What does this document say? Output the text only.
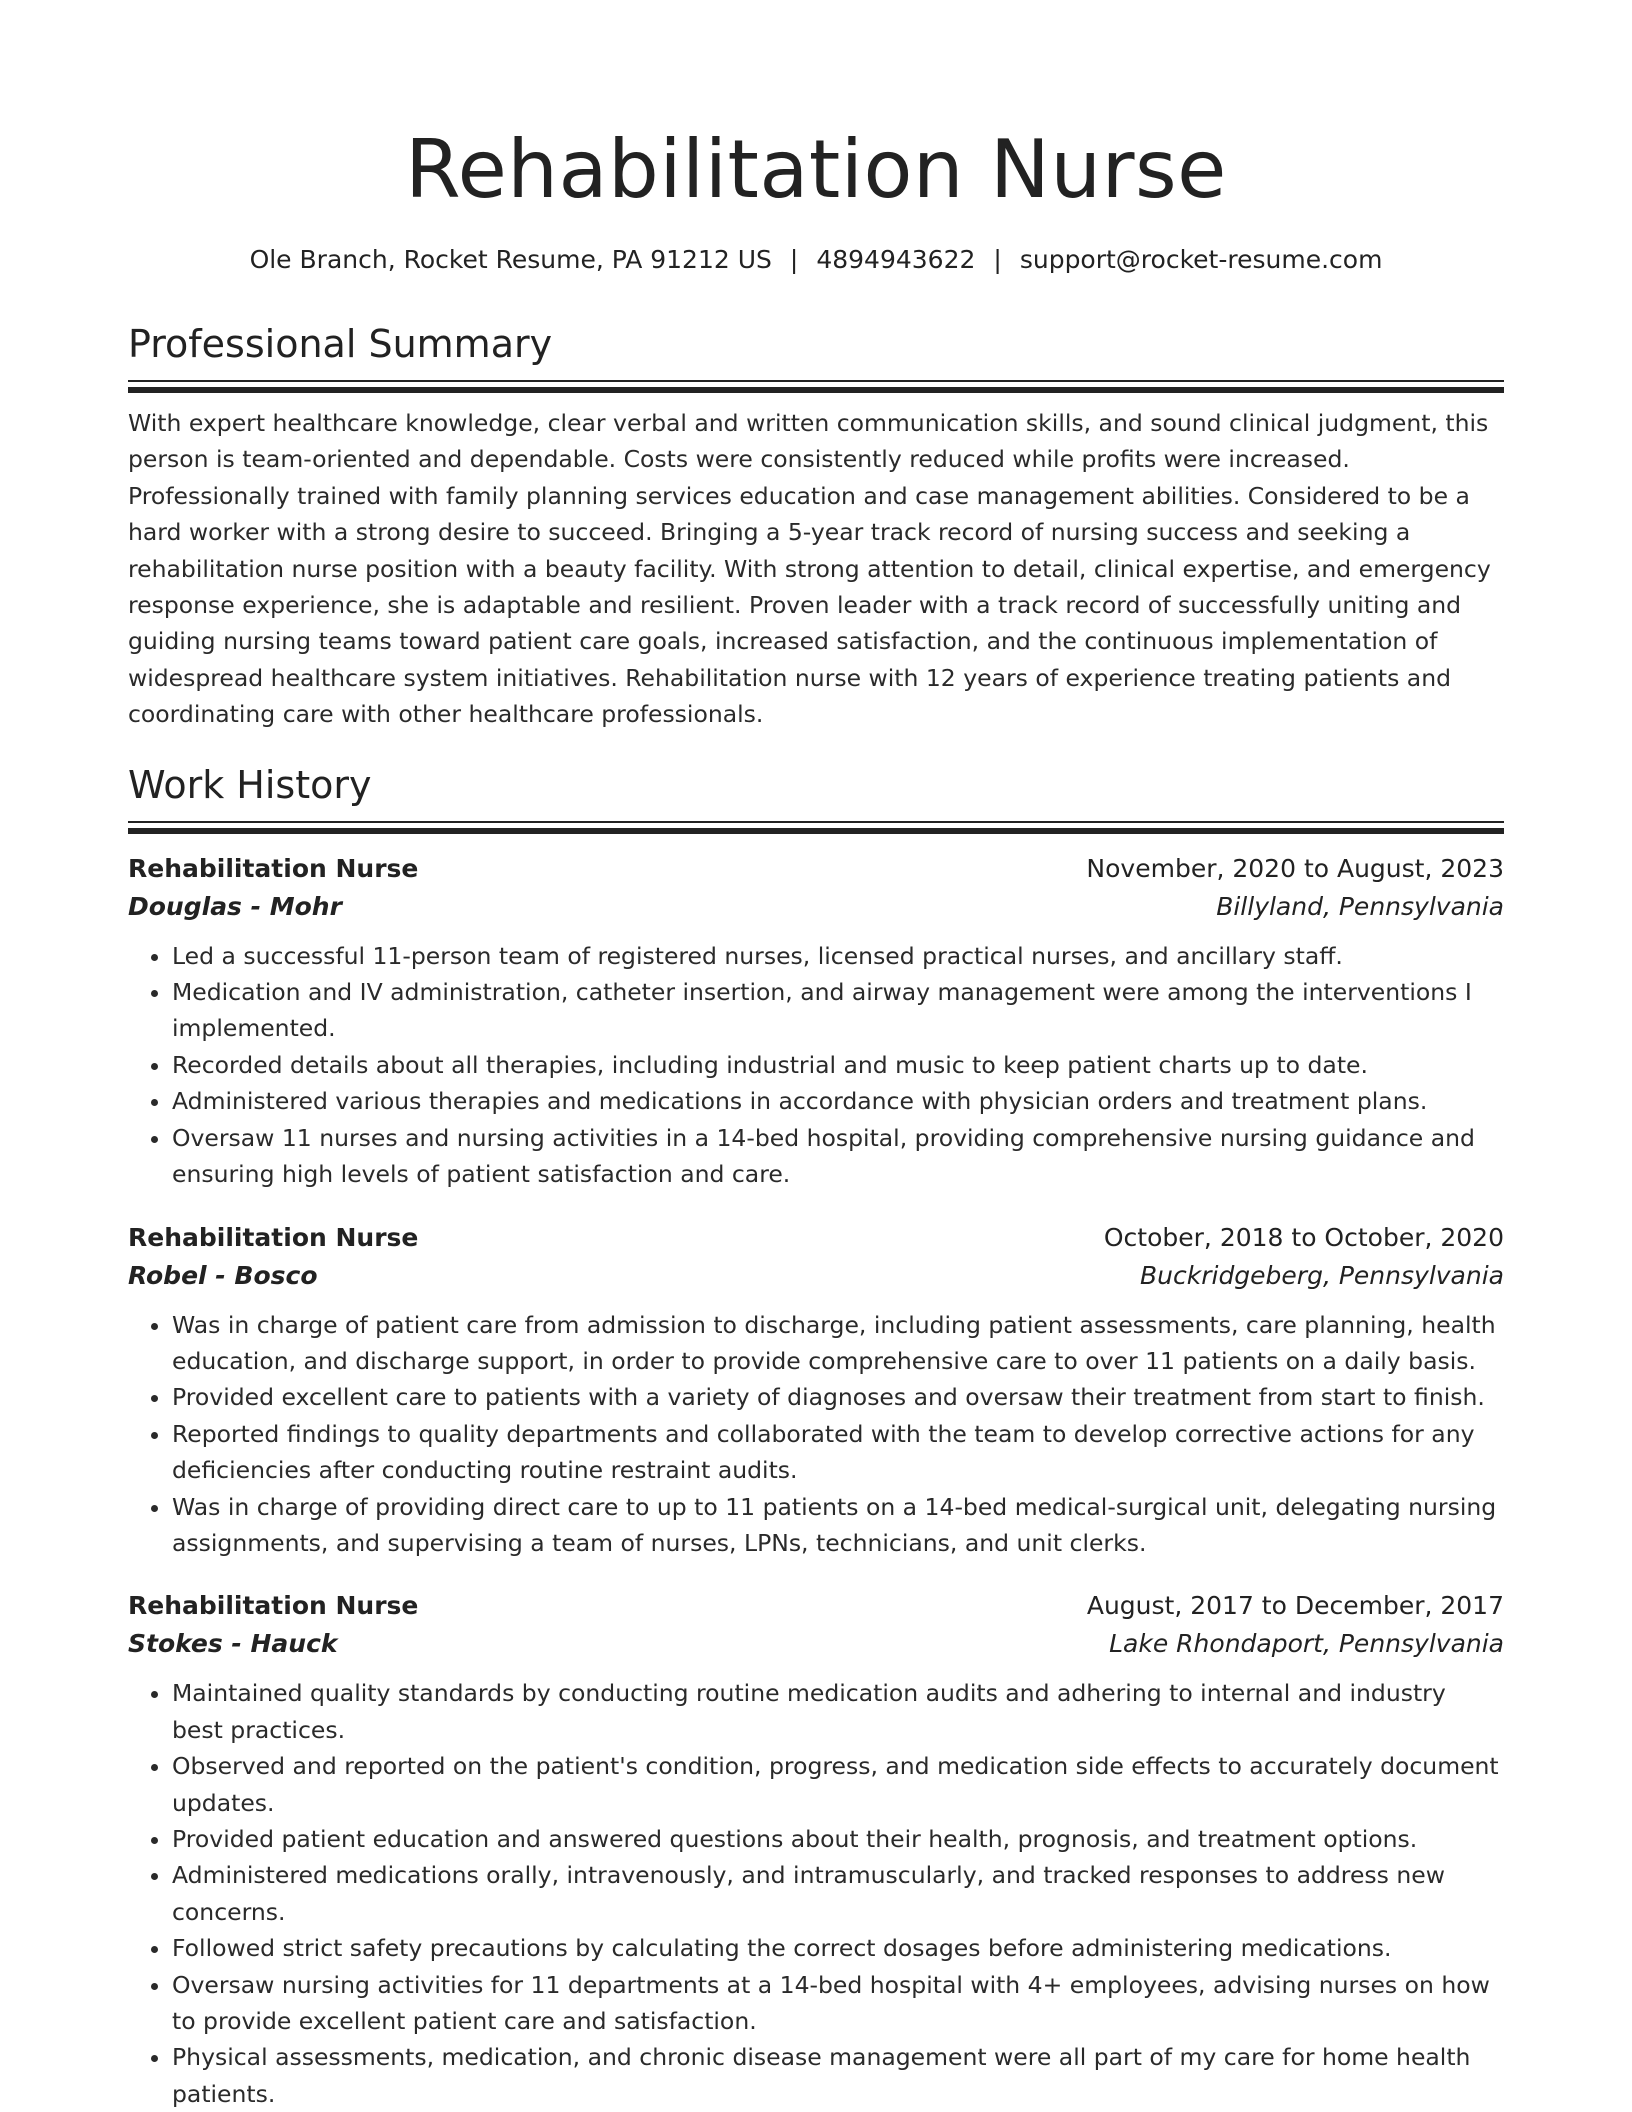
Rehabilitation Nurse
Ole Branch, Rocket Resume, PA 91212 US | 4894943622 | support@rocket-resume.com
Professional Summary
With expert healthcare knowledge, clear verbal and written communication skills, and sound clinical judgment, this person is team-oriented and dependable. Costs were consistently reduced while profits were increased. Professionally trained with family planning services education and case management abilities. Considered to be a hard worker with a strong desire to succeed. Bringing a 5-year track record of nursing success and seeking a rehabilitation nurse position with a beauty facility. With strong attention to detail, clinical expertise, and emergency response experience, she is adaptable and resilient. Proven leader with a track record of successfully uniting and guiding nursing teams toward patient care goals, increased satisfaction, and the continuous implementation of widespread healthcare system initiatives. Rehabilitation nurse with 12 years of experience treating patients and coordinating care with other healthcare professionals.
Work History
Rehabilitation Nurse	November, 2020 to August, 2023
Douglas - Mohr	Billyland, Pennsylvania
• Led a successful 11-person team of registered nurses, licensed practical nurses, and ancillary staff.
• Medication and IV administration, catheter insertion, and airway management were among the interventions I implemented.
• Recorded details about all therapies, including industrial and music to keep patient charts up to date.
• Administered various therapies and medications in accordance with physician orders and treatment plans.
• Oversaw 11 nurses and nursing activities in a 14-bed hospital, providing comprehensive nursing guidance and ensuring high levels of patient satisfaction and care.
Rehabilitation Nurse	October, 2018 to October, 2020
Robel - Bosco	Buckridgeberg, Pennsylvania
• Was in charge of patient care from admission to discharge, including patient assessments, care planning, health education, and discharge support, in order to provide comprehensive care to over 11 patients on a daily basis.
• Provided excellent care to patients with a variety of diagnoses and oversaw their treatment from start to finish.
• Reported findings to quality departments and collaborated with the team to develop corrective actions for any deficiencies after conducting routine restraint audits.
• Was in charge of providing direct care to up to 11 patients on a 14-bed medical-surgical unit, delegating nursing assignments, and supervising a team of nurses, LPNs, technicians, and unit clerks.
Rehabilitation Nurse	August, 2017 to December, 2017
Stokes - Hauck	Lake Rhondaport, Pennsylvania
• Maintained quality standards by conducting routine medication audits and adhering to internal and industry best practices.
• Observed and reported on the patient's condition, progress, and medication side effects to accurately document updates.
• Provided patient education and answered questions about their health, prognosis, and treatment options.
• Administered medications orally, intravenously, and intramuscularly, and tracked responses to address new concerns.
• Followed strict safety precautions by calculating the correct dosages before administering medications.
• Oversaw nursing activities for 11 departments at a 14-bed hospital with 4+ employees, advising nurses on how to provide excellent patient care and satisfaction.
• Physical assessments, medication, and chronic disease management were all part of my care for home health patients.
